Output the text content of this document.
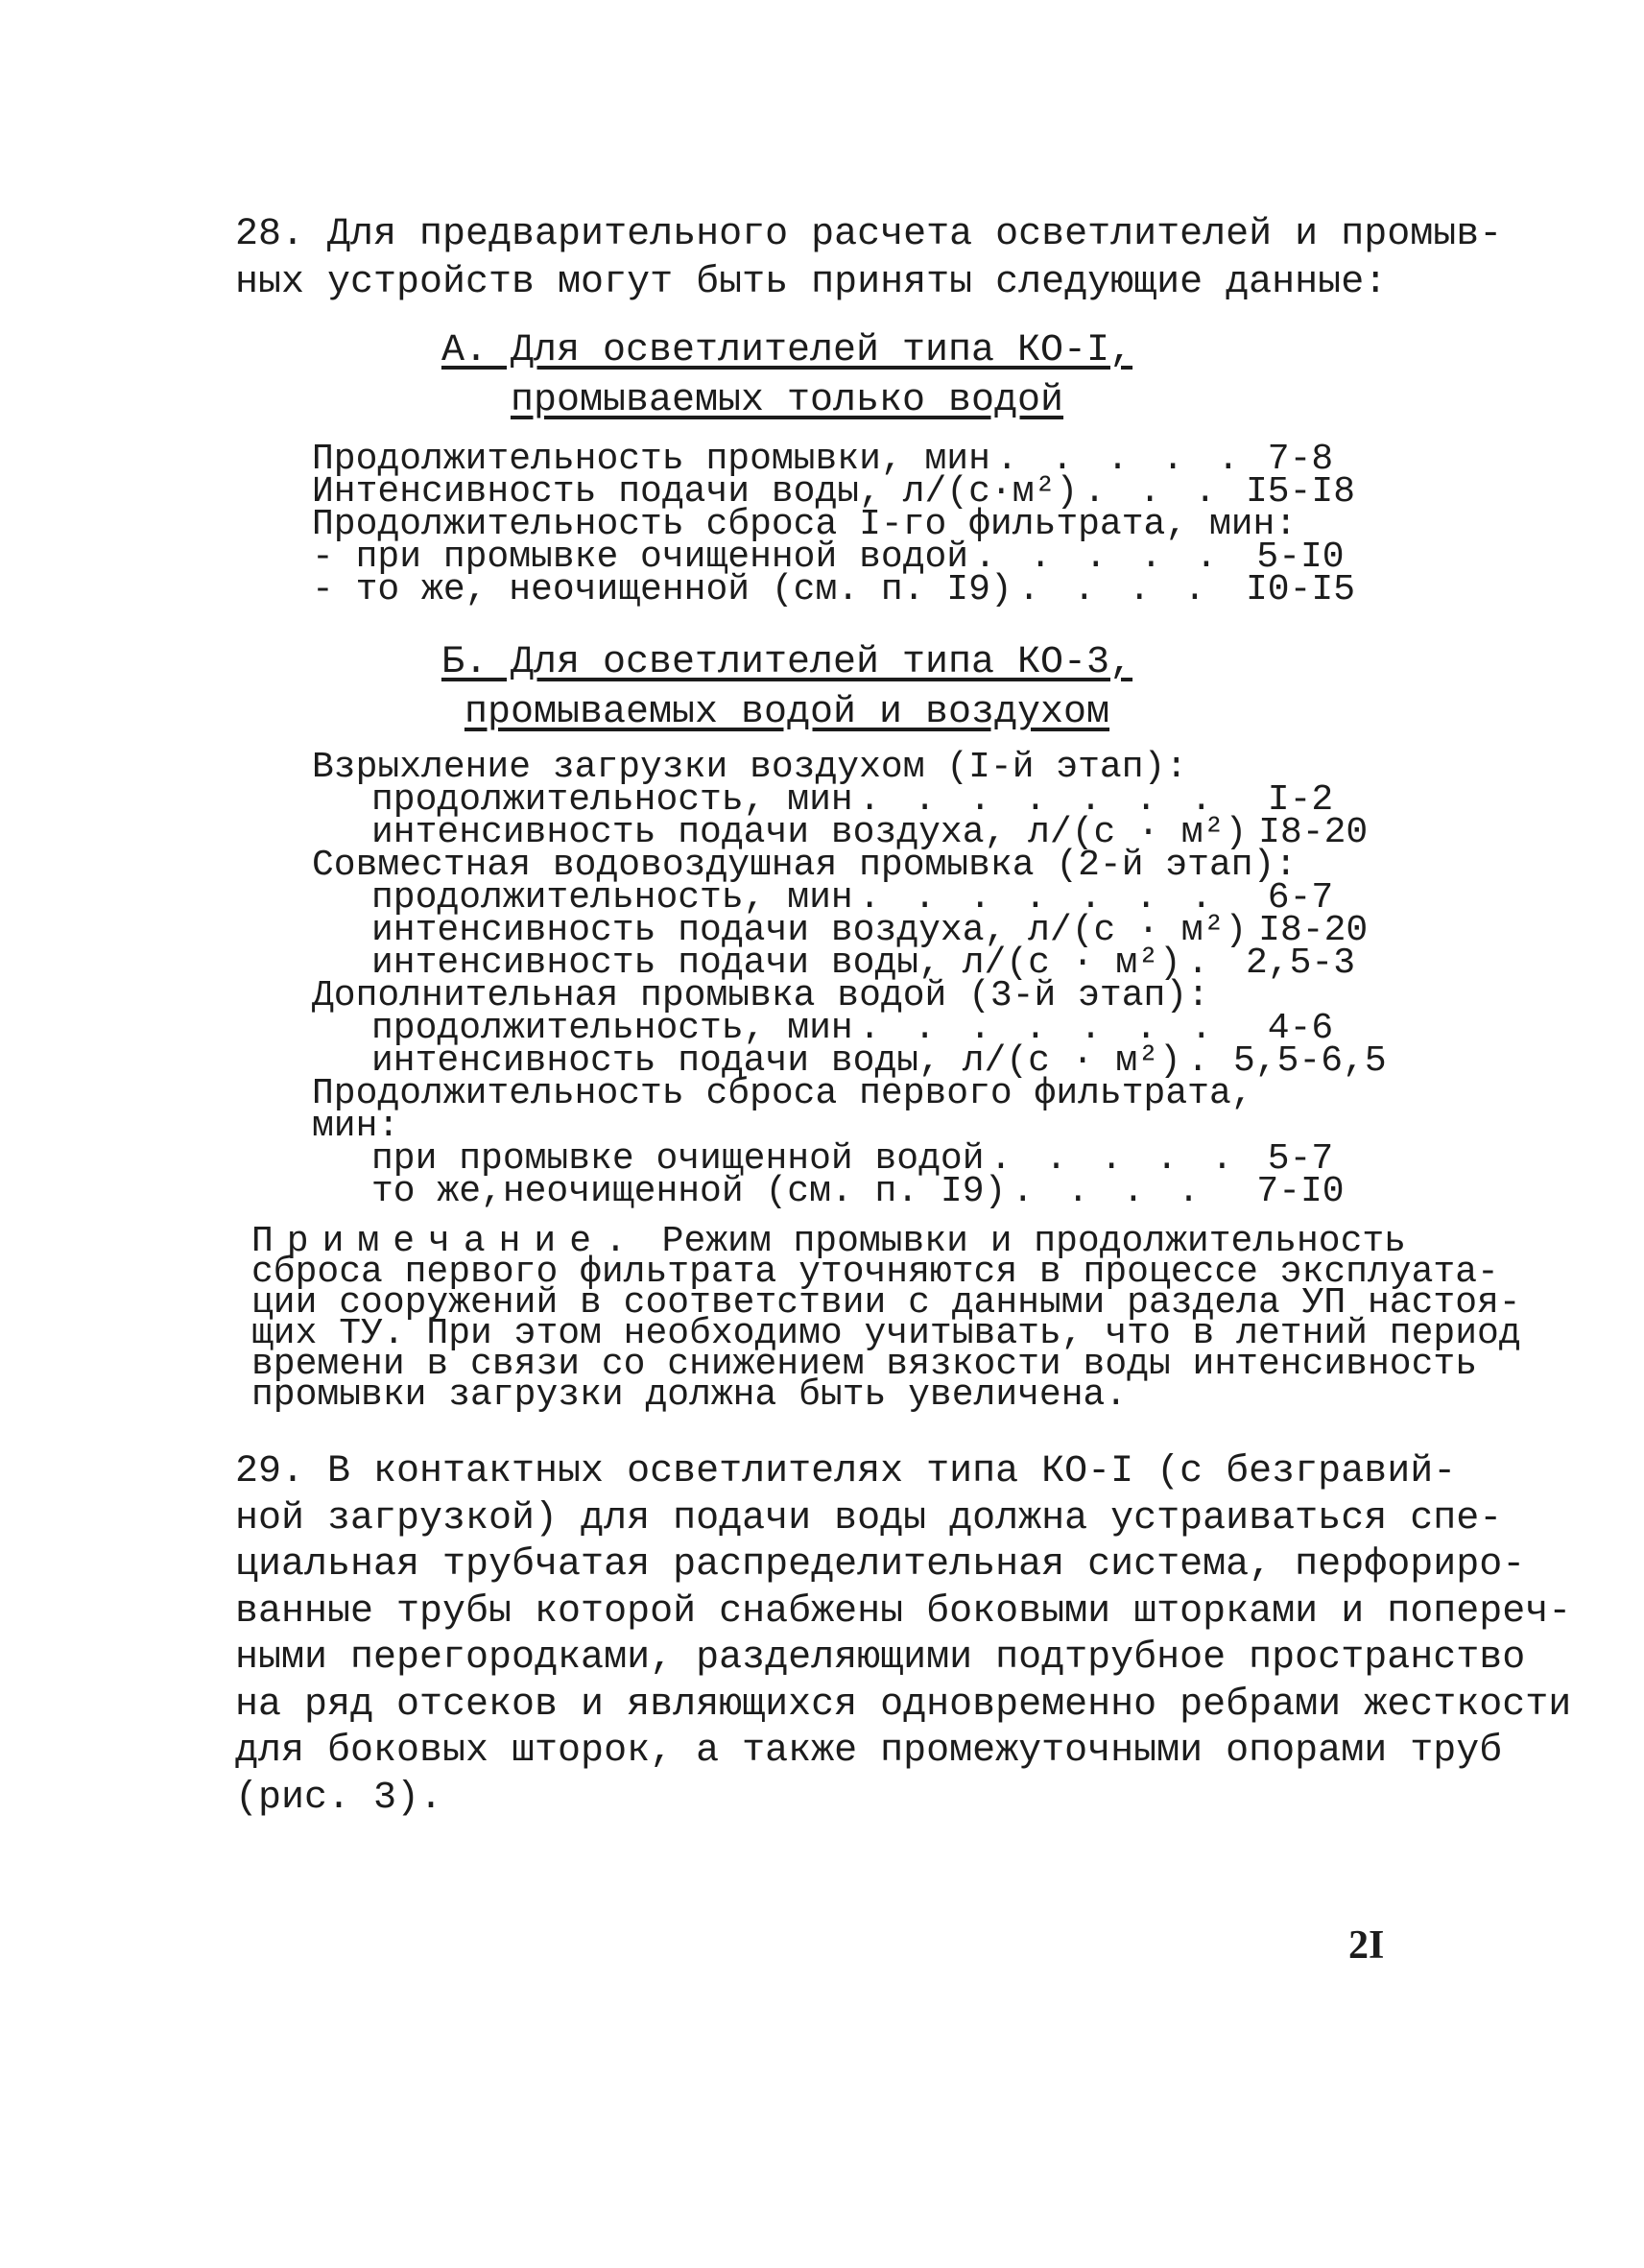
28. Для предварительного расчета осветлителей и промыв-
ных устройств могут быть приняты следующие данные:
А. Для осветлителей типа КО-I,
промываемых только водой
Продолжительность промывки, мин . . .	7-8
Интенсивность подачи воды, л/(с·м²) . . .	I5-I8
Продолжительность сброса I-го фильтрата, мин:
- при промывке очищенной водой . . .	5-I0
- то же, неочищенной (см. п. I9) . . .	I0-I5
Б. Для осветлителей типа КО-3,
промываемых водой и воздухом
Взрыхление загрузки воздухом (I-й этап):
продолжительность, мин . . .	I-2
интенсивность подачи воздуха, л/(с · м²) . . . I8-20
Совместная водовоздушная промывка (2-й этап):
продолжительность, мин . . .	6-7
интенсивность подачи воздуха, л/(с · м²) . . . I8-20
интенсивность подачи воды, л/(с · м²) . . .	2,5-3
Дополнительная промывка водой (3-й этап):
продолжительность, мин . . .	4-6
интенсивность подачи воды, л/(с · м²) . . . 5,5-6,5
Продолжительность сброса первого фильтрата,
мин:
при промывке очищенной водой . . .	5-7
то же,неочищенной (см. п. I9) . . .	7-I0
Примечание. Режим промывки и продолжительность
сброса первого фильтрата уточняются в процессе эксплуата-
ции сооружений в соответствии с данными раздела УП настоя-
щих ТУ. При этом необходимо учитывать, что в летний период
времени в связи со снижением вязкости воды интенсивность
промывки загрузки должна быть увеличена.
29. В контактных осветлителях типа КО-I (с безгравий-
ной загрузкой) для подачи воды должна устраиваться спе-
циальная трубчатая распределительная система, перфориро-
ванные трубы которой снабжены боковыми шторками и попереч-
ными перегородками, разделяющими подтрубное пространство
на ряд отсеков и являющихся одновременно ребрами жесткости
для боковых шторок, а также промежуточными опорами труб
(рис. 3).
2I
